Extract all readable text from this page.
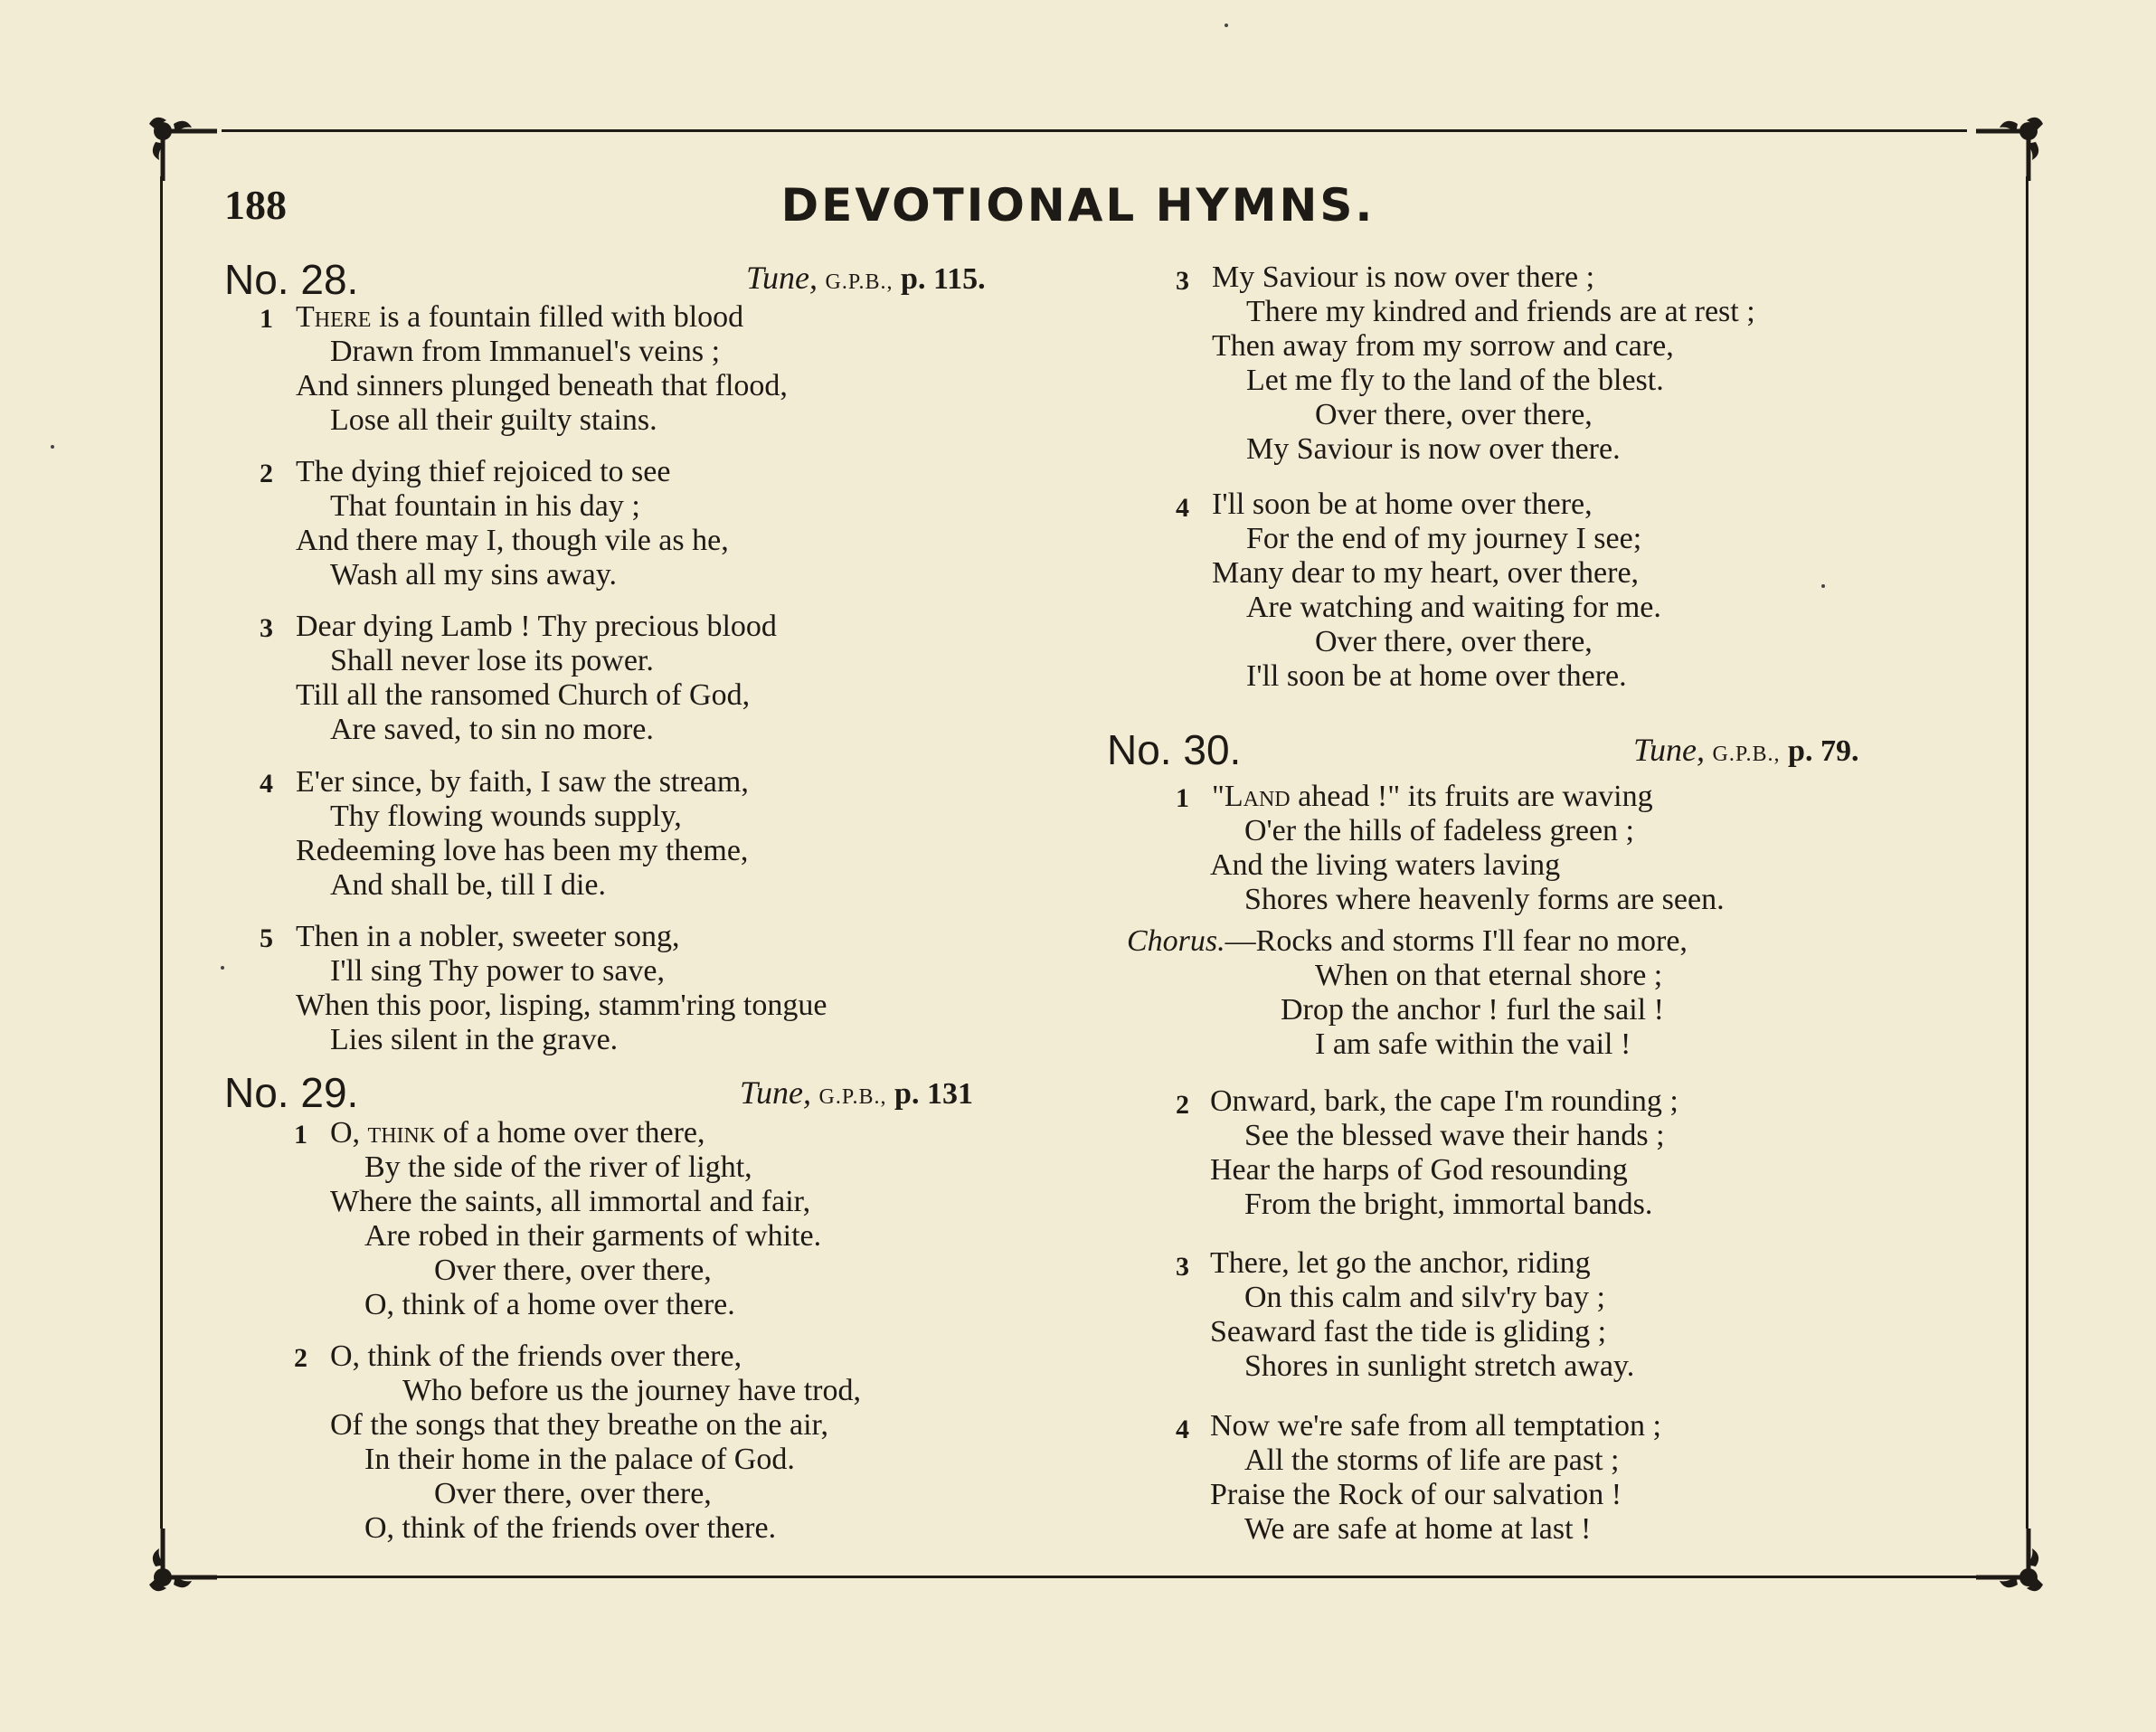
188	DEVOTIONAL HYMNS.
No. 28.	Tune, G.P.B., p. 115.
1 There is a fountain filled with blood
Drawn from Immanuel's veins ;
And sinners plunged beneath that flood,
Lose all their guilty stains.
2 The dying thief rejoiced to see
That fountain in his day ;
And there may I, though vile as he,
Wash all my sins away.
3 Dear dying Lamb ! Thy precious blood
Shall never lose its power.
Till all the ransomed Church of God,
Are saved, to sin no more.
4 E'er since, by faith, I saw the stream,
Thy flowing wounds supply,
Redeeming love has been my theme,
And shall be, till I die.
5 Then in a nobler, sweeter song,
I'll sing Thy power to save,
When this poor, lisping, stamm'ring tongue
Lies silent in the grave.
No. 29.	Tune, G.P.B., p. 131
1 O, think of a home over there,
By the side of the river of light,
Where the saints, all immortal and fair,
Are robed in their garments of white.
Over there, over there,
O, think of a home over there.
2 O, think of the friends over there,
Who before us the journey have trod,
Of the songs that they breathe on the air,
In their home in the palace of God.
Over there, over there,
O, think of the friends over there.
3 My Saviour is now over there ;
There my kindred and friends are at rest ;
Then away from my sorrow and care,
Let me fly to the land of the blest.
Over there, over there,
My Saviour is now over there.
4 I'll soon be at home over there,
For the end of my journey I see;
Many dear to my heart, over there,
Are watching and waiting for me.
Over there, over there,
I'll soon be at home over there.
No. 30.	Tune, G.P.B., p. 79.
1 "Land ahead !" its fruits are waving
O'er the hills of fadeless green ;
And the living waters laving
Shores where heavenly forms are seen.
Chorus.—Rocks and storms I'll fear no more,
When on that eternal shore ;
Drop the anchor ! furl the sail !
I am safe within the vail !
2 Onward, bark, the cape I'm rounding ;
See the blessed wave their hands ;
Hear the harps of God resounding
From the bright, immortal bands.
3 There, let go the anchor, riding
On this calm and silv'ry bay ;
Seaward fast the tide is gliding ;
Shores in sunlight stretch away.
4 Now we're safe from all temptation ;
All the storms of life are past ;
Praise the Rock of our salvation !
We are safe at home at last !
